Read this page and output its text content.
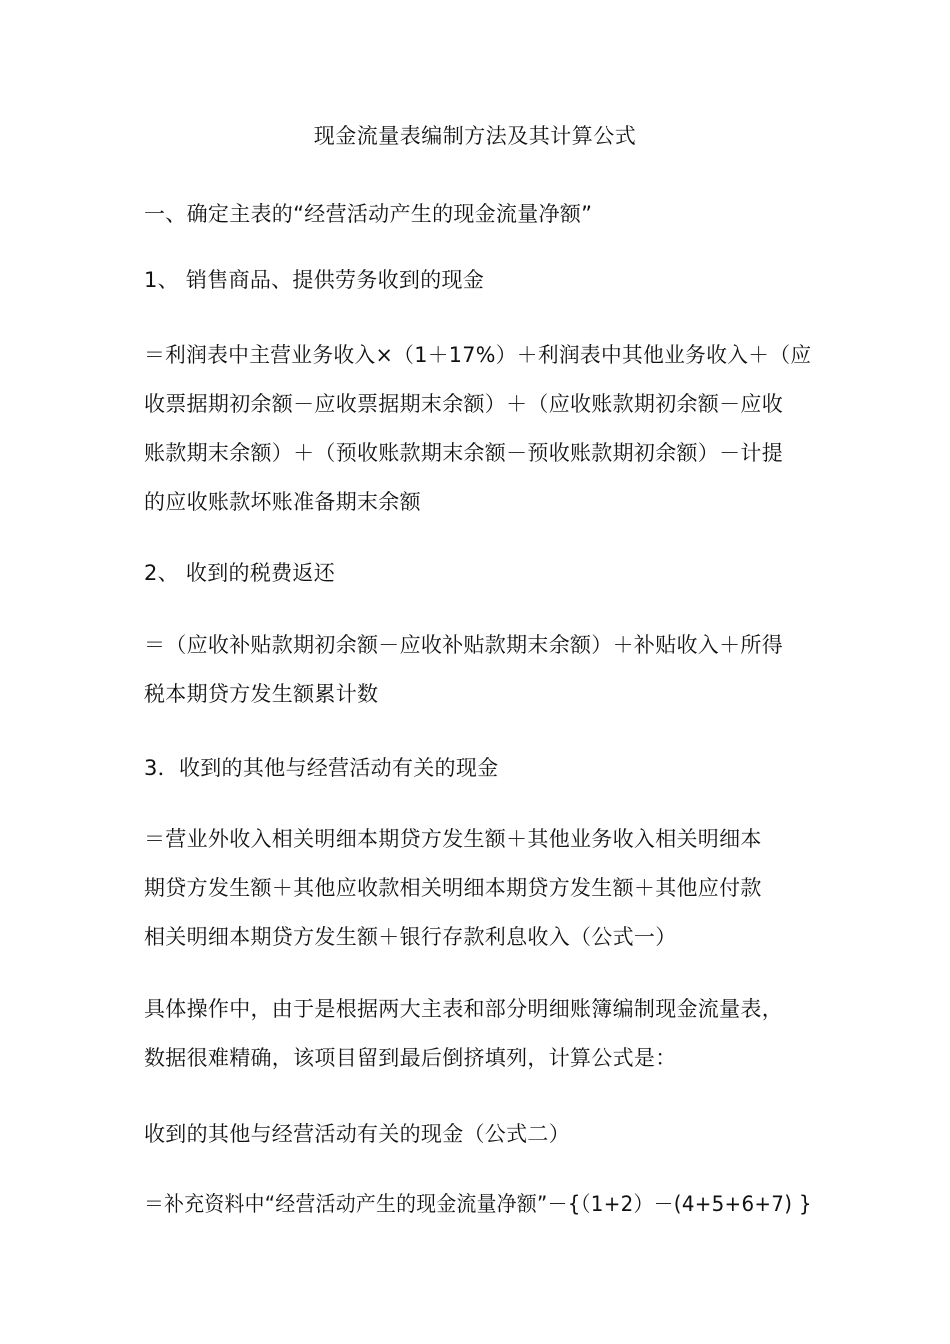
现金流量表编制方法及其计算公式
一、确定主表的“经营活动产生的现金流量净额”
1、 销售商品、提供劳务收到的现金
＝利润表中主营业务收入×（1＋17%）＋利润表中其他业务收入＋（应
收票据期初余额－应收票据期末余额）＋（应收账款期初余额－应收
账款期末余额）＋（预收账款期末余额－预收账款期初余额）－计提
的应收账款坏账准备期末余额
2、 收到的税费返还
＝（应收补贴款期初余额－应收补贴款期末余额）＋补贴收入＋所得
税本期贷方发生额累计数
3．收到的其他与经营活动有关的现金
＝营业外收入相关明细本期贷方发生额＋其他业务收入相关明细本
期贷方发生额＋其他应收款相关明细本期贷方发生额＋其他应付款
相关明细本期贷方发生额＋银行存款利息收入（公式一）
具体操作中，由于是根据两大主表和部分明细账簿编制现金流量表，
数据很难精确，该项目留到最后倒挤填列，计算公式是：
收到的其他与经营活动有关的现金（公式二）
＝补充资料中“经营活动产生的现金流量净额”－{（1+2）－(4+5+6+7) }
